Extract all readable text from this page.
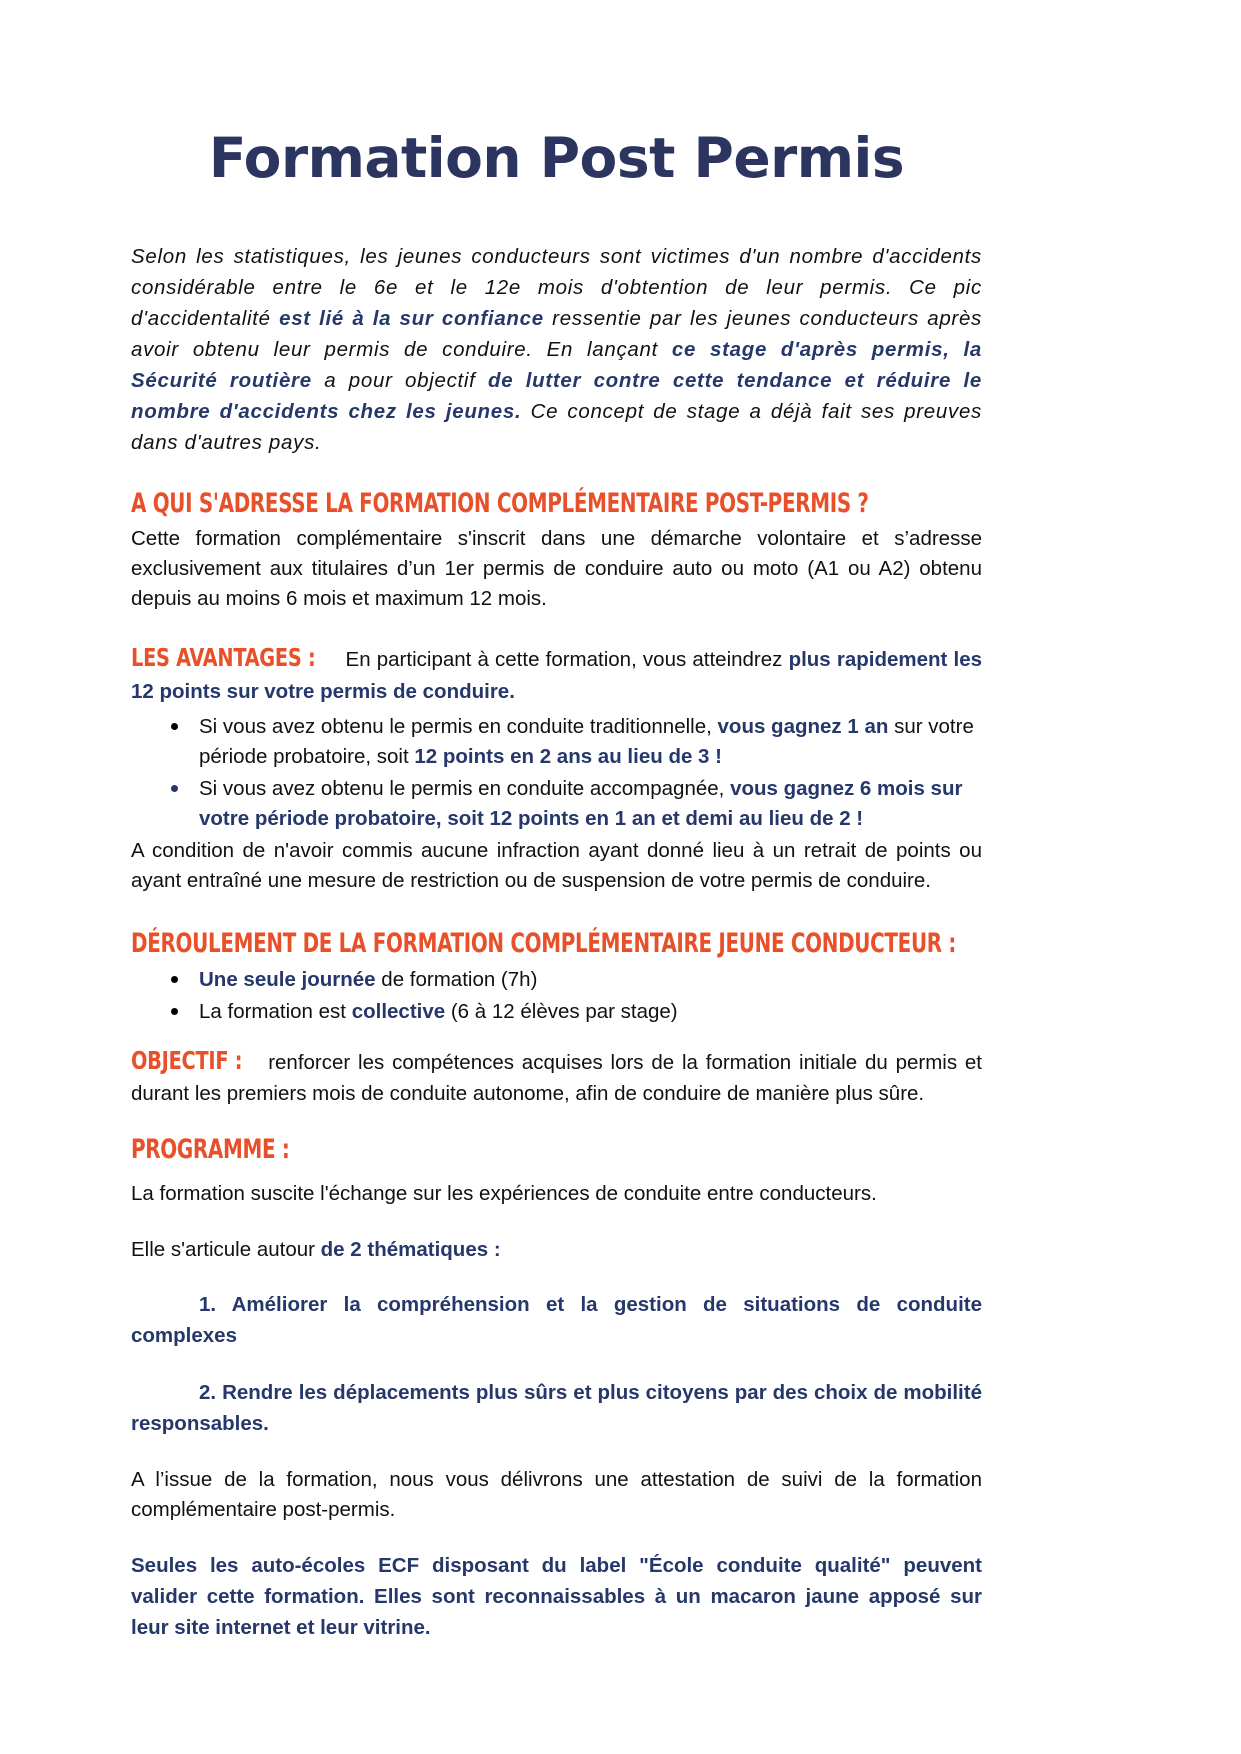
Formation Post Permis

Selon les statistiques, les jeunes conducteurs sont victimes d'un nombre d'accidents considérable entre le 6e et le 12e mois d'obtention de leur permis. Ce pic d'accidentalité est lié à la sur confiance ressentie par les jeunes conducteurs après avoir obtenu leur permis de conduire. En lançant ce stage d'après permis, la Sécurité routière a pour objectif de lutter contre cette tendance et réduire le nombre d'accidents chez les jeunes. Ce concept de stage a déjà fait ses preuves dans d'autres pays.

A QUI S'ADRESSE LA FORMATION COMPLÉMENTAIRE POST-PERMIS ?

Cette formation complémentaire s'inscrit dans une démarche volontaire et s’adresse exclusivement aux titulaires d’un 1er permis de conduire auto ou moto (A1 ou A2) obtenu depuis au moins 6 mois et maximum 12 mois.

LES AVANTAGES : En participant à cette formation, vous atteindrez plus rapidement les 12 points sur votre permis de conduire.

Si vous avez obtenu le permis en conduite traditionnelle, vous gagnez 1 an sur votre période probatoire, soit 12 points en 2 ans au lieu de 3 !
Si vous avez obtenu le permis en conduite accompagnée, vous gagnez 6 mois sur votre période probatoire, soit 12 points en 1 an et demi au lieu de 2 !

A condition de n'avoir commis aucune infraction ayant donné lieu à un retrait de points ou ayant entraîné une mesure de restriction ou de suspension de votre permis de conduire.

DÉROULEMENT DE LA FORMATION COMPLÉMENTAIRE JEUNE CONDUCTEUR :
Une seule journée de formation (7h)
La formation est collective (6 à 12 élèves par stage)

OBJECTIF : renforcer les compétences acquises lors de la formation initiale du permis et durant les premiers mois de conduite autonome, afin de conduire de manière plus sûre.

PROGRAMME :

La formation suscite l'échange sur les expériences de conduite entre conducteurs.

Elle s'articule autour de 2 thématiques :

1. Améliorer la compréhension et la gestion de situations de conduite complexes

2. Rendre les déplacements plus sûrs et plus citoyens par des choix de mobilité responsables.

A l’issue de la formation, nous vous délivrons une attestation de suivi de la formation complémentaire post-permis.

Seules les auto-écoles ECF disposant du label "École conduite qualité" peuvent valider cette formation. Elles sont reconnaissables à un macaron jaune apposé sur leur site internet et leur vitrine.
